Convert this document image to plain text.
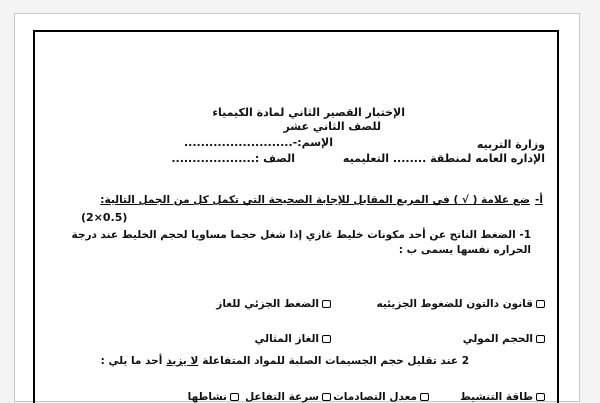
الإختبار القصير الثاني لمادة الكيمياء
للصف الثاني عشر
وزارة التربيه
الإسم:-..........................
الإداره العامه لمنطقة ........ التعليميه
الصف :....................
أ-
ضع علامة ( √ ) في المربع المقابل للإجابة الصحيحة التي تكمل كل من الجمل التالية:
(2×0.5)
1- الضغط الناتج عن أحد مكونات خليط غازي إذا شغل حجما مساويا لحجم الخليط عند درجة
الحراره نفسها يسمى ب :
قانون دالتون للضغوط الجزيئيه
الضغط الجزئي للغاز
الحجم المولي
الغاز المثالي
2 عند تقليل حجم الجسيمات الصلبة للمواد المتفاعلة
لا يزيد
أحد ما يلي :
طاقة التنشيط
معدل التصادمات
سرعة التفاعل
نشاطها
